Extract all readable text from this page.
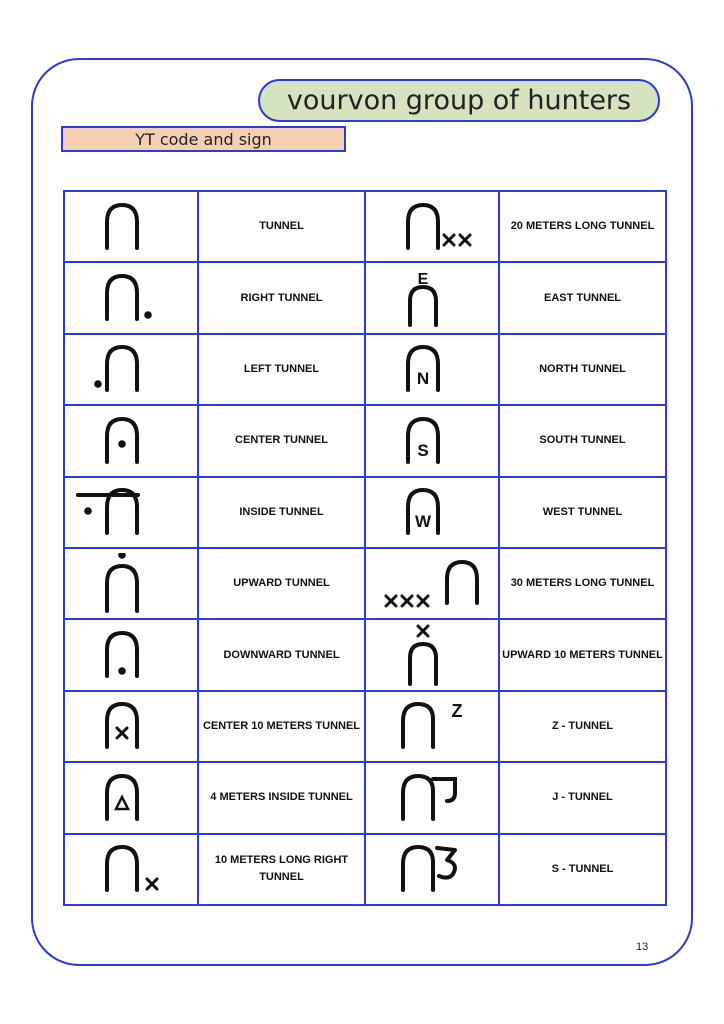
vourvon group of hunters
YT code and sign
	TUNNEL		20 METERS LONG TUNNEL

	RIGHT TUNNEL	E	EAST TUNNEL

	LEFT TUNNEL	N	NORTH TUNNEL

	CENTER TUNNEL	S	SOUTH TUNNEL

	INSIDE TUNNEL	W	WEST TUNNEL

	UPWARD TUNNEL		30 METERS LONG TUNNEL

	DOWNWARD TUNNEL		UPWARD 10 METERS TUNNEL

	CENTER 10 METERS TUNNEL	Z	Z - TUNNEL

	4 METERS INSIDE TUNNEL		J - TUNNEL

	10 METERS LONG RIGHT TUNNEL		S - TUNNEL
13
